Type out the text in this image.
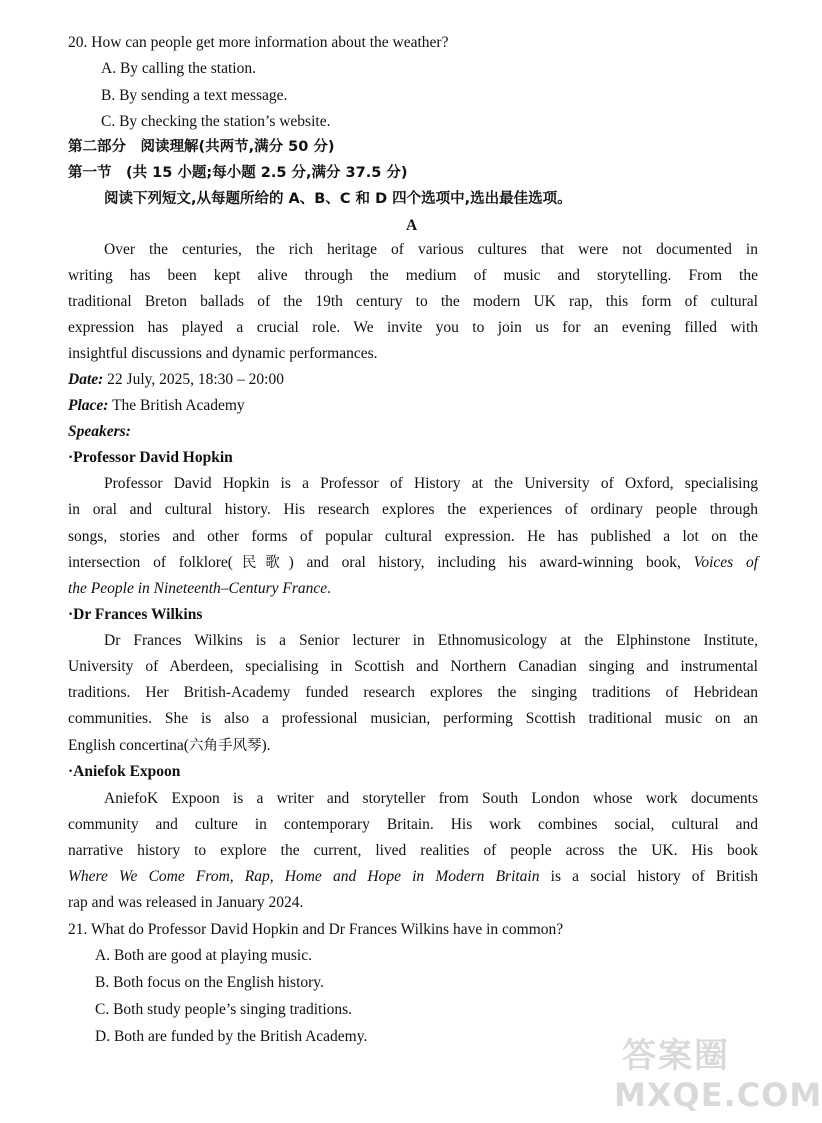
20. How can people get more information about the weather?
A. By calling the station.
B. By sending a text message.
C. By checking the station’s website.
第二部分　阅读理解(共两节,满分 50 分)
第一节　(共 15 小题;每小题 2.5 分,满分 37.5 分)
阅读下列短文,从每题所给的 A、B、C 和 D 四个选项中,选出最佳选项。
A
Over the centuries, the rich heritage of various cultures that were not documented in
writing has been kept alive through the medium of music and storytelling. From the
traditional Breton ballads of the 19th century to the modern UK rap, this form of cultural
expression has played a crucial role. We invite you to join us for an evening filled with
insightful discussions and dynamic performances.
Date: 22 July, 2025, 18:30 – 20:00
Place: The British Academy
Speakers:
·Professor David Hopkin
Professor David Hopkin is a Professor of History at the University of Oxford, specialising
in oral and cultural history. His research explores the experiences of ordinary people through
songs, stories and other forms of popular cultural expression. He has published a lot on the
intersection of folklore(民歌) and oral history, including his award-winning book, Voices of
the People in Nineteenth–Century France.
·Dr Frances Wilkins
Dr Frances Wilkins is a Senior lecturer in Ethnomusicology at the Elphinstone Institute,
University of Aberdeen, specialising in Scottish and Northern Canadian singing and instrumental
traditions. Her British-Academy funded research explores the singing traditions of Hebridean
communities. She is also a professional musician, performing Scottish traditional music on an
English concertina(六角手风琴).
·Aniefok Expoon
AniefoK Expoon is a writer and storyteller from South London whose work documents
community and culture in contemporary Britain. His work combines social, cultural and
narrative history to explore the current, lived realities of people across the UK. His book
Where We Come From, Rap, Home and Hope in Modern Britain is a social history of British
rap and was released in January 2024.
21. What do Professor David Hopkin and Dr Frances Wilkins have in common?
A. Both are good at playing music.
B. Both focus on the English history.
C. Both study people’s singing traditions.
D. Both are funded by the British Academy.	答案圈
MXQE.COM
